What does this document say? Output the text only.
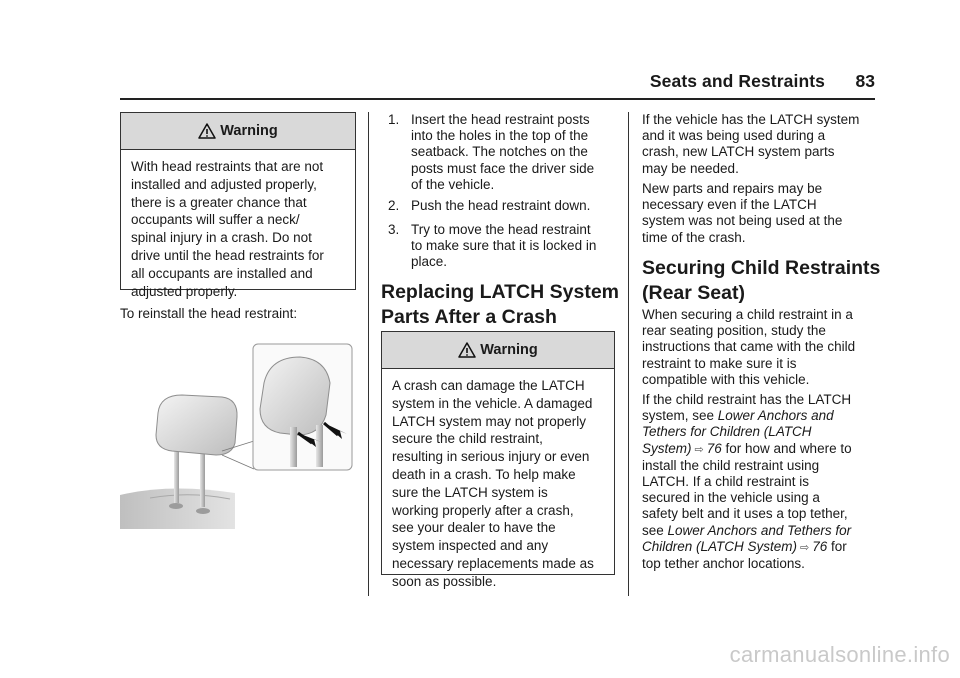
Seats and Restraints	83
Warning
With head restraints that are not
installed and adjusted properly,
there is a greater chance that
occupants will suffer a neck/
spinal injury in a crash. Do not
drive until the head restraints for
all occupants are installed and
adjusted properly.
To reinstall the head restraint:
1. Insert the head restraint posts
into the holes in the top of the
seatback. The notches on the
posts must face the driver side
of the vehicle.
2. Push the head restraint down.
3. Try to move the head restraint
to make sure that it is locked in
place.
Replacing LATCH System
Parts After a Crash
Warning
A crash can damage the LATCH
system in the vehicle. A damaged
LATCH system may not properly
secure the child restraint,
resulting in serious injury or even
death in a crash. To help make
sure the LATCH system is
working properly after a crash,
see your dealer to have the
system inspected and any
necessary replacements made as
soon as possible.
If the vehicle has the LATCH system
and it was being used during a
crash, new LATCH system parts
may be needed.
New parts and repairs may be
necessary even if the LATCH
system was not being used at the
time of the crash.
Securing Child Restraints
(Rear Seat)
When securing a child restraint in a
rear seating position, study the
instructions that came with the child
restraint to make sure it is
compatible with this vehicle.
If the child restraint has the LATCH
system, see Lower Anchors and
Tethers for Children (LATCH
System) ⇨ 76 for how and where to
install the child restraint using
LATCH. If a child restraint is
secured in the vehicle using a
safety belt and it uses a top tether,
see Lower Anchors and Tethers for
Children (LATCH System) ⇨ 76 for
top tether anchor locations.
carmanualsonline.info
